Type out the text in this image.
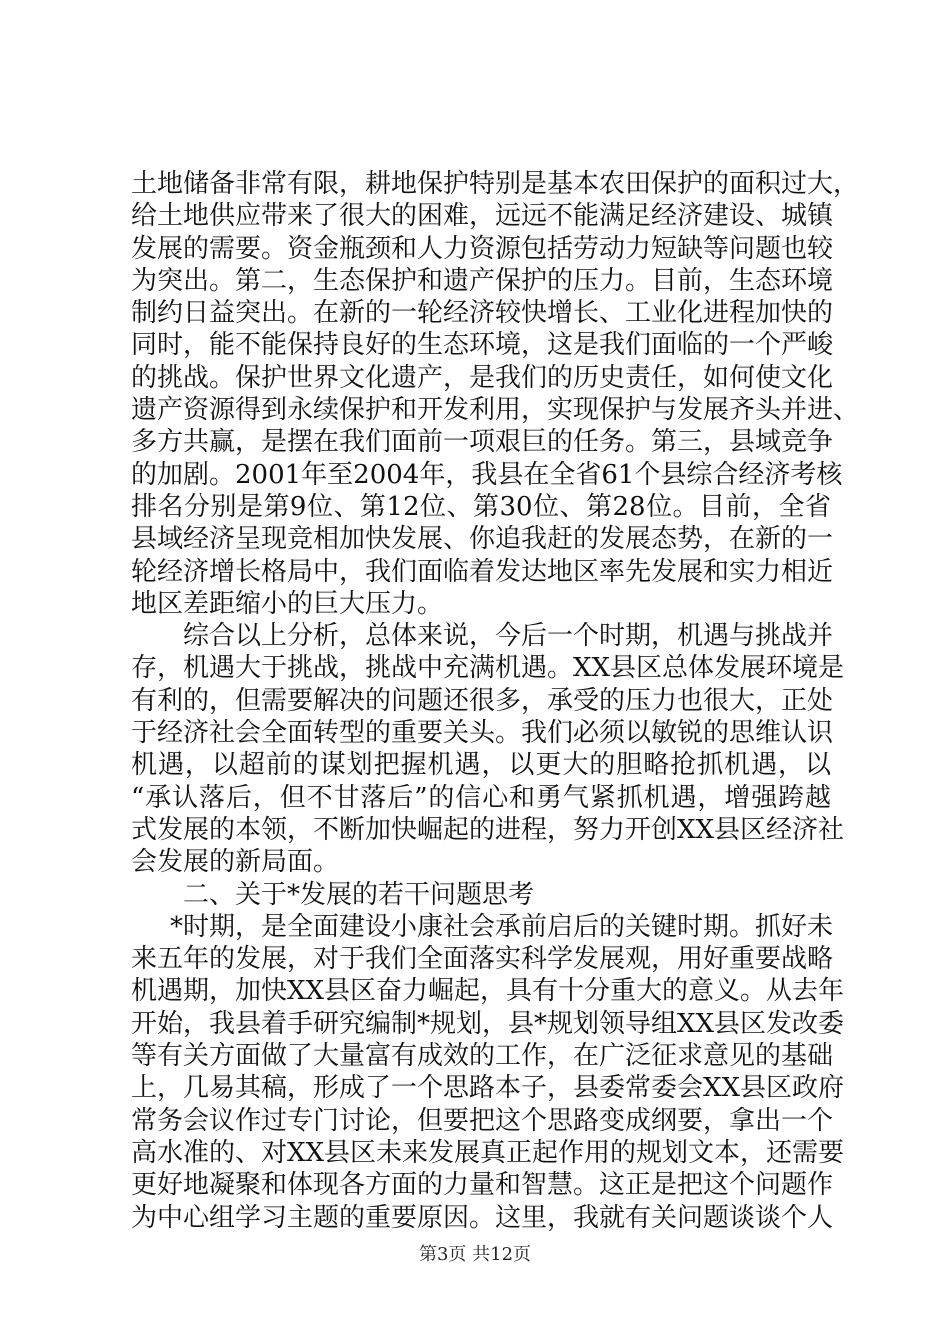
土地储备非常有限，耕地保护特别是基本农田保护的面积过大，
给土地供应带来了很大的困难，远远不能满足经济建设、城镇
发展的需要。资金瓶颈和人力资源包括劳动力短缺等问题也较
为突出。第二，生态保护和遗产保护的压力。目前，生态环境
制约日益突出。在新的一轮经济较快增长、工业化进程加快的
同时，能不能保持良好的生态环境，这是我们面临的一个严峻
的挑战。保护世界文化遗产，是我们的历史责任，如何使文化
遗产资源得到永续保护和开发利用，实现保护与发展齐头并进、
多方共赢，是摆在我们面前一项艰巨的任务。第三，县域竞争
的加剧。2001年至2004年，我县在全省61个县综合经济考核
排名分别是第9位、第12位、第30位、第28位。目前，全省
县域经济呈现竞相加快发展、你追我赶的发展态势，在新的一
轮经济增长格局中，我们面临着发达地区率先发展和实力相近
地区差距缩小的巨大压力。
综合以上分析，总体来说，今后一个时期，机遇与挑战并
存，机遇大于挑战，挑战中充满机遇。XX县区总体发展环境是
有利的，但需要解决的问题还很多，承受的压力也很大，正处
于经济社会全面转型的重要关头。我们必须以敏锐的思维认识
机遇，以超前的谋划把握机遇，以更大的胆略抢抓机遇，以
“承认落后，但不甘落后”的信心和勇气紧抓机遇，增强跨越
式发展的本领，不断加快崛起的进程，努力开创XX县区经济社
会发展的新局面。
二、关于*发展的若干问题思考
*时期，是全面建设小康社会承前启后的关键时期。抓好未
来五年的发展，对于我们全面落实科学发展观，用好重要战略
机遇期，加快XX县区奋力崛起，具有十分重大的意义。从去年
开始，我县着手研究编制*规划，县*规划领导组XX县区发改委
等有关方面做了大量富有成效的工作，在广泛征求意见的基础
上，几易其稿，形成了一个思路本子，县委常委会XX县区政府
常务会议作过专门讨论，但要把这个思路变成纲要，拿出一个
高水准的、对XX县区未来发展真正起作用的规划文本，还需要
更好地凝聚和体现各方面的力量和智慧。这正是把这个问题作
为中心组学习主题的重要原因。这里，我就有关问题谈谈个人
第3页 共12页
